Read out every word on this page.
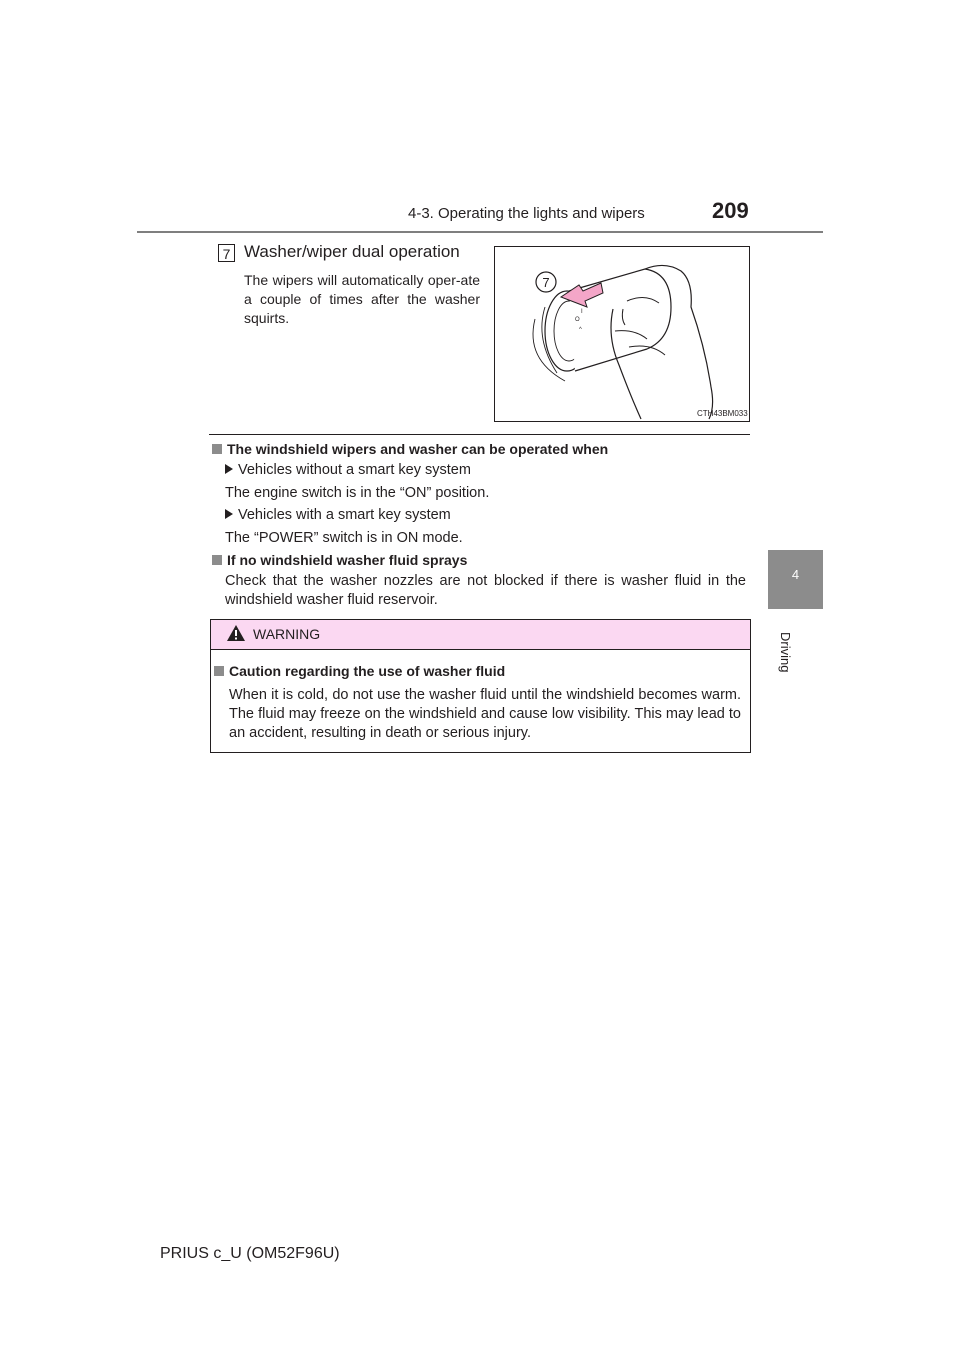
4-3. Operating the lights and wipers	209
4
Driving
7 Washer/wiper dual operation
The wipers will automatically oper-ate a couple of times after the washer squirts.
7
O
I
^
CTH43BM033
The windshield wipers and washer can be operated when
Vehicles without a smart key system
The engine switch is in the “ON” position.
Vehicles with a smart key system
The “POWER” switch is in ON mode.
If no windshield washer fluid sprays
Check that the washer nozzles are not blocked if there is washer fluid in the windshield washer fluid reservoir.
WARNING
Caution regarding the use of washer fluid
When it is cold, do not use the washer fluid until the windshield becomes warm. The fluid may freeze on the windshield and cause low visibility. This may lead to an accident, resulting in death or serious injury.
PRIUS c_U (OM52F96U)
